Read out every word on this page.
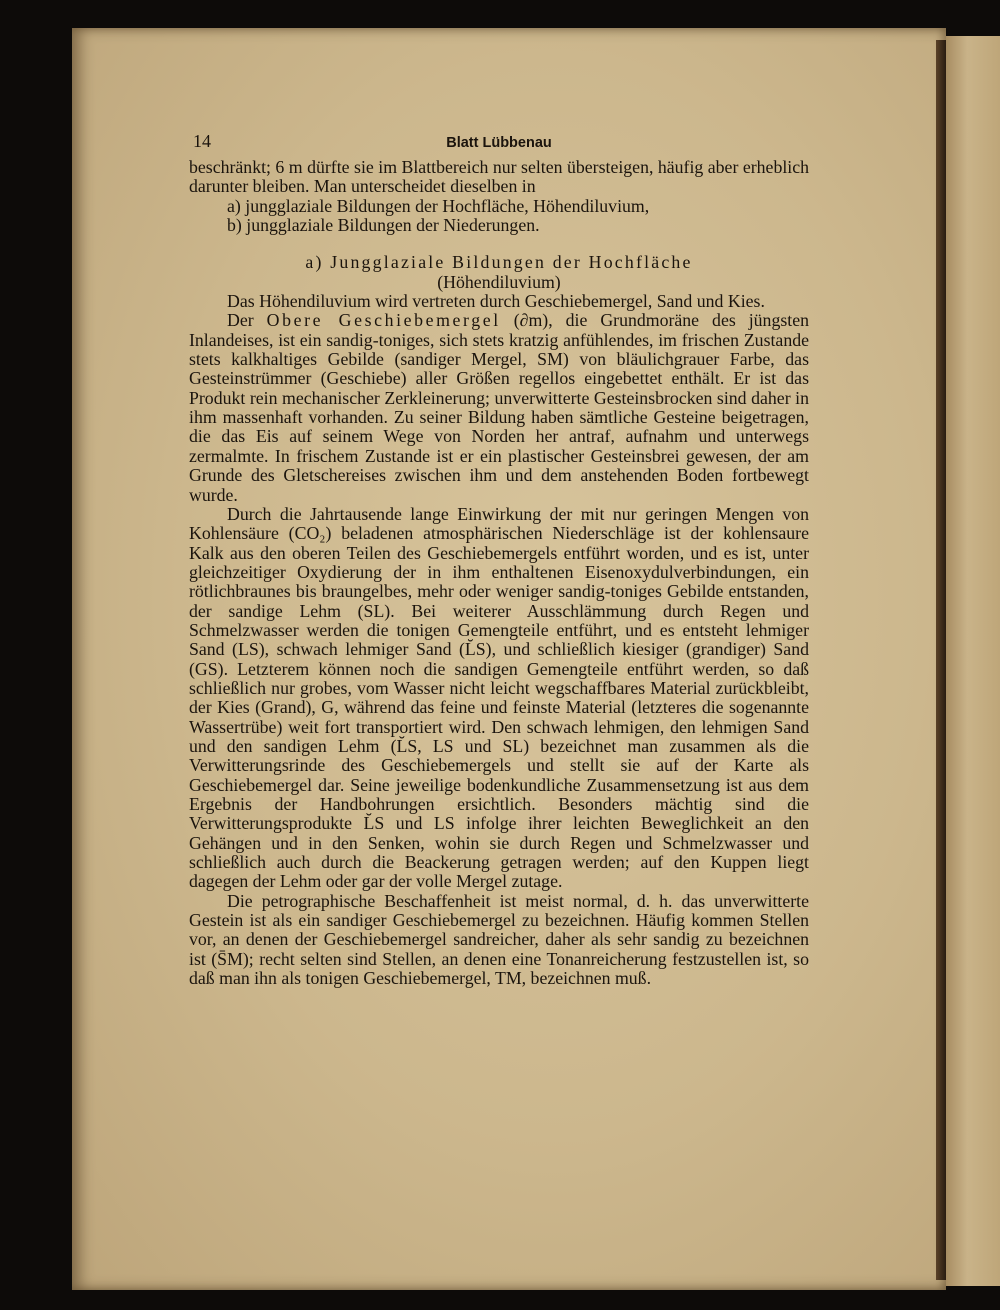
14	Blatt Lübbenau

beschränkt; 6 m dürfte sie im Blattbereich nur selten übersteigen, häufig aber erheblich darunter bleiben. Man unterscheidet dieselben in

a) jungglaziale Bildungen der Hochfläche, Höhendiluvium,

b) jungglaziale Bildungen der Niederungen.

a) Jungglaziale Bildungen der Hochfläche

(Höhendiluvium)

Das Höhendiluvium wird vertreten durch Geschiebemergel, Sand und Kies.

Der Obere Geschiebemergel (∂m), die Grundmoräne des jüngsten Inlandeises, ist ein sandig-toniges, sich stets kratzig anfühlendes, im frischen Zustande stets kalkhaltiges Gebilde (sandiger Mergel, SM) von bläulichgrauer Farbe, das Gesteinstrümmer (Geschiebe) aller Größen regellos eingebettet enthält. Er ist das Produkt rein mechanischer Zerkleinerung; unverwitterte Gesteinsbrocken sind daher in ihm massenhaft vorhanden. Zu seiner Bildung haben sämtliche Gesteine beigetragen, die das Eis auf seinem Wege von Norden her antraf, aufnahm und unterwegs zermalmte. In frischem Zustande ist er ein plastischer Gesteinsbrei gewesen, der am Grunde des Gletschereises zwischen ihm und dem anstehenden Boden fortbewegt wurde.

Durch die Jahrtausende lange Einwirkung der mit nur geringen Mengen von Kohlensäure (CO₂) beladenen atmosphärischen Niederschläge ist der kohlensaure Kalk aus den oberen Teilen des Geschiebemergels entführt worden, und es ist, unter gleichzeitiger Oxydierung der in ihm enthaltenen Eisenoxydulverbindungen, ein rötlichbraunes bis braungelbes, mehr oder weniger sandig-toniges Gebilde entstanden, der sandige Lehm (SL). Bei weiterer Ausschlämmung durch Regen und Schmelzwasser werden die tonigen Gemengteile entführt, und es entsteht lehmiger Sand (LS), schwach lehmiger Sand (L̆S), und schließlich kiesiger (grandiger) Sand (GS). Letzterem können noch die sandigen Gemengteile entführt werden, so daß schließlich nur grobes, vom Wasser nicht leicht wegschaffbares Material zurückbleibt, der Kies (Grand), G, während das feine und feinste Material (letzteres die sogenannte Wassertrübe) weit fort transportiert wird. Den schwach lehmigen, den lehmigen Sand und den sandigen Lehm (L̆S, LS und SL) bezeichnet man zusammen als die Verwitterungsrinde des Geschiebemergels und stellt sie auf der Karte als Geschiebemergel dar. Seine jeweilige bodenkundliche Zusammensetzung ist aus dem Ergebnis der Handbohrungen ersichtlich. Besonders mächtig sind die Verwitterungsprodukte L̆S und LS infolge ihrer leichten Beweglichkeit an den Gehängen und in den Senken, wohin sie durch Regen und Schmelzwasser und schließlich auch durch die Beackerung getragen werden; auf den Kuppen liegt dagegen der Lehm oder gar der volle Mergel zutage.

Die petrographische Beschaffenheit ist meist normal, d. h. das unverwitterte Gestein ist als ein sandiger Geschiebemergel zu bezeichnen. Häufig kommen Stellen vor, an denen der Geschiebemergel sandreicher, daher als sehr sandig zu bezeichnen ist (S̄M); recht selten sind Stellen, an denen eine Tonanreicherung festzustellen ist, so daß man ihn als tonigen Geschiebemergel, TM, bezeichnen muß.
